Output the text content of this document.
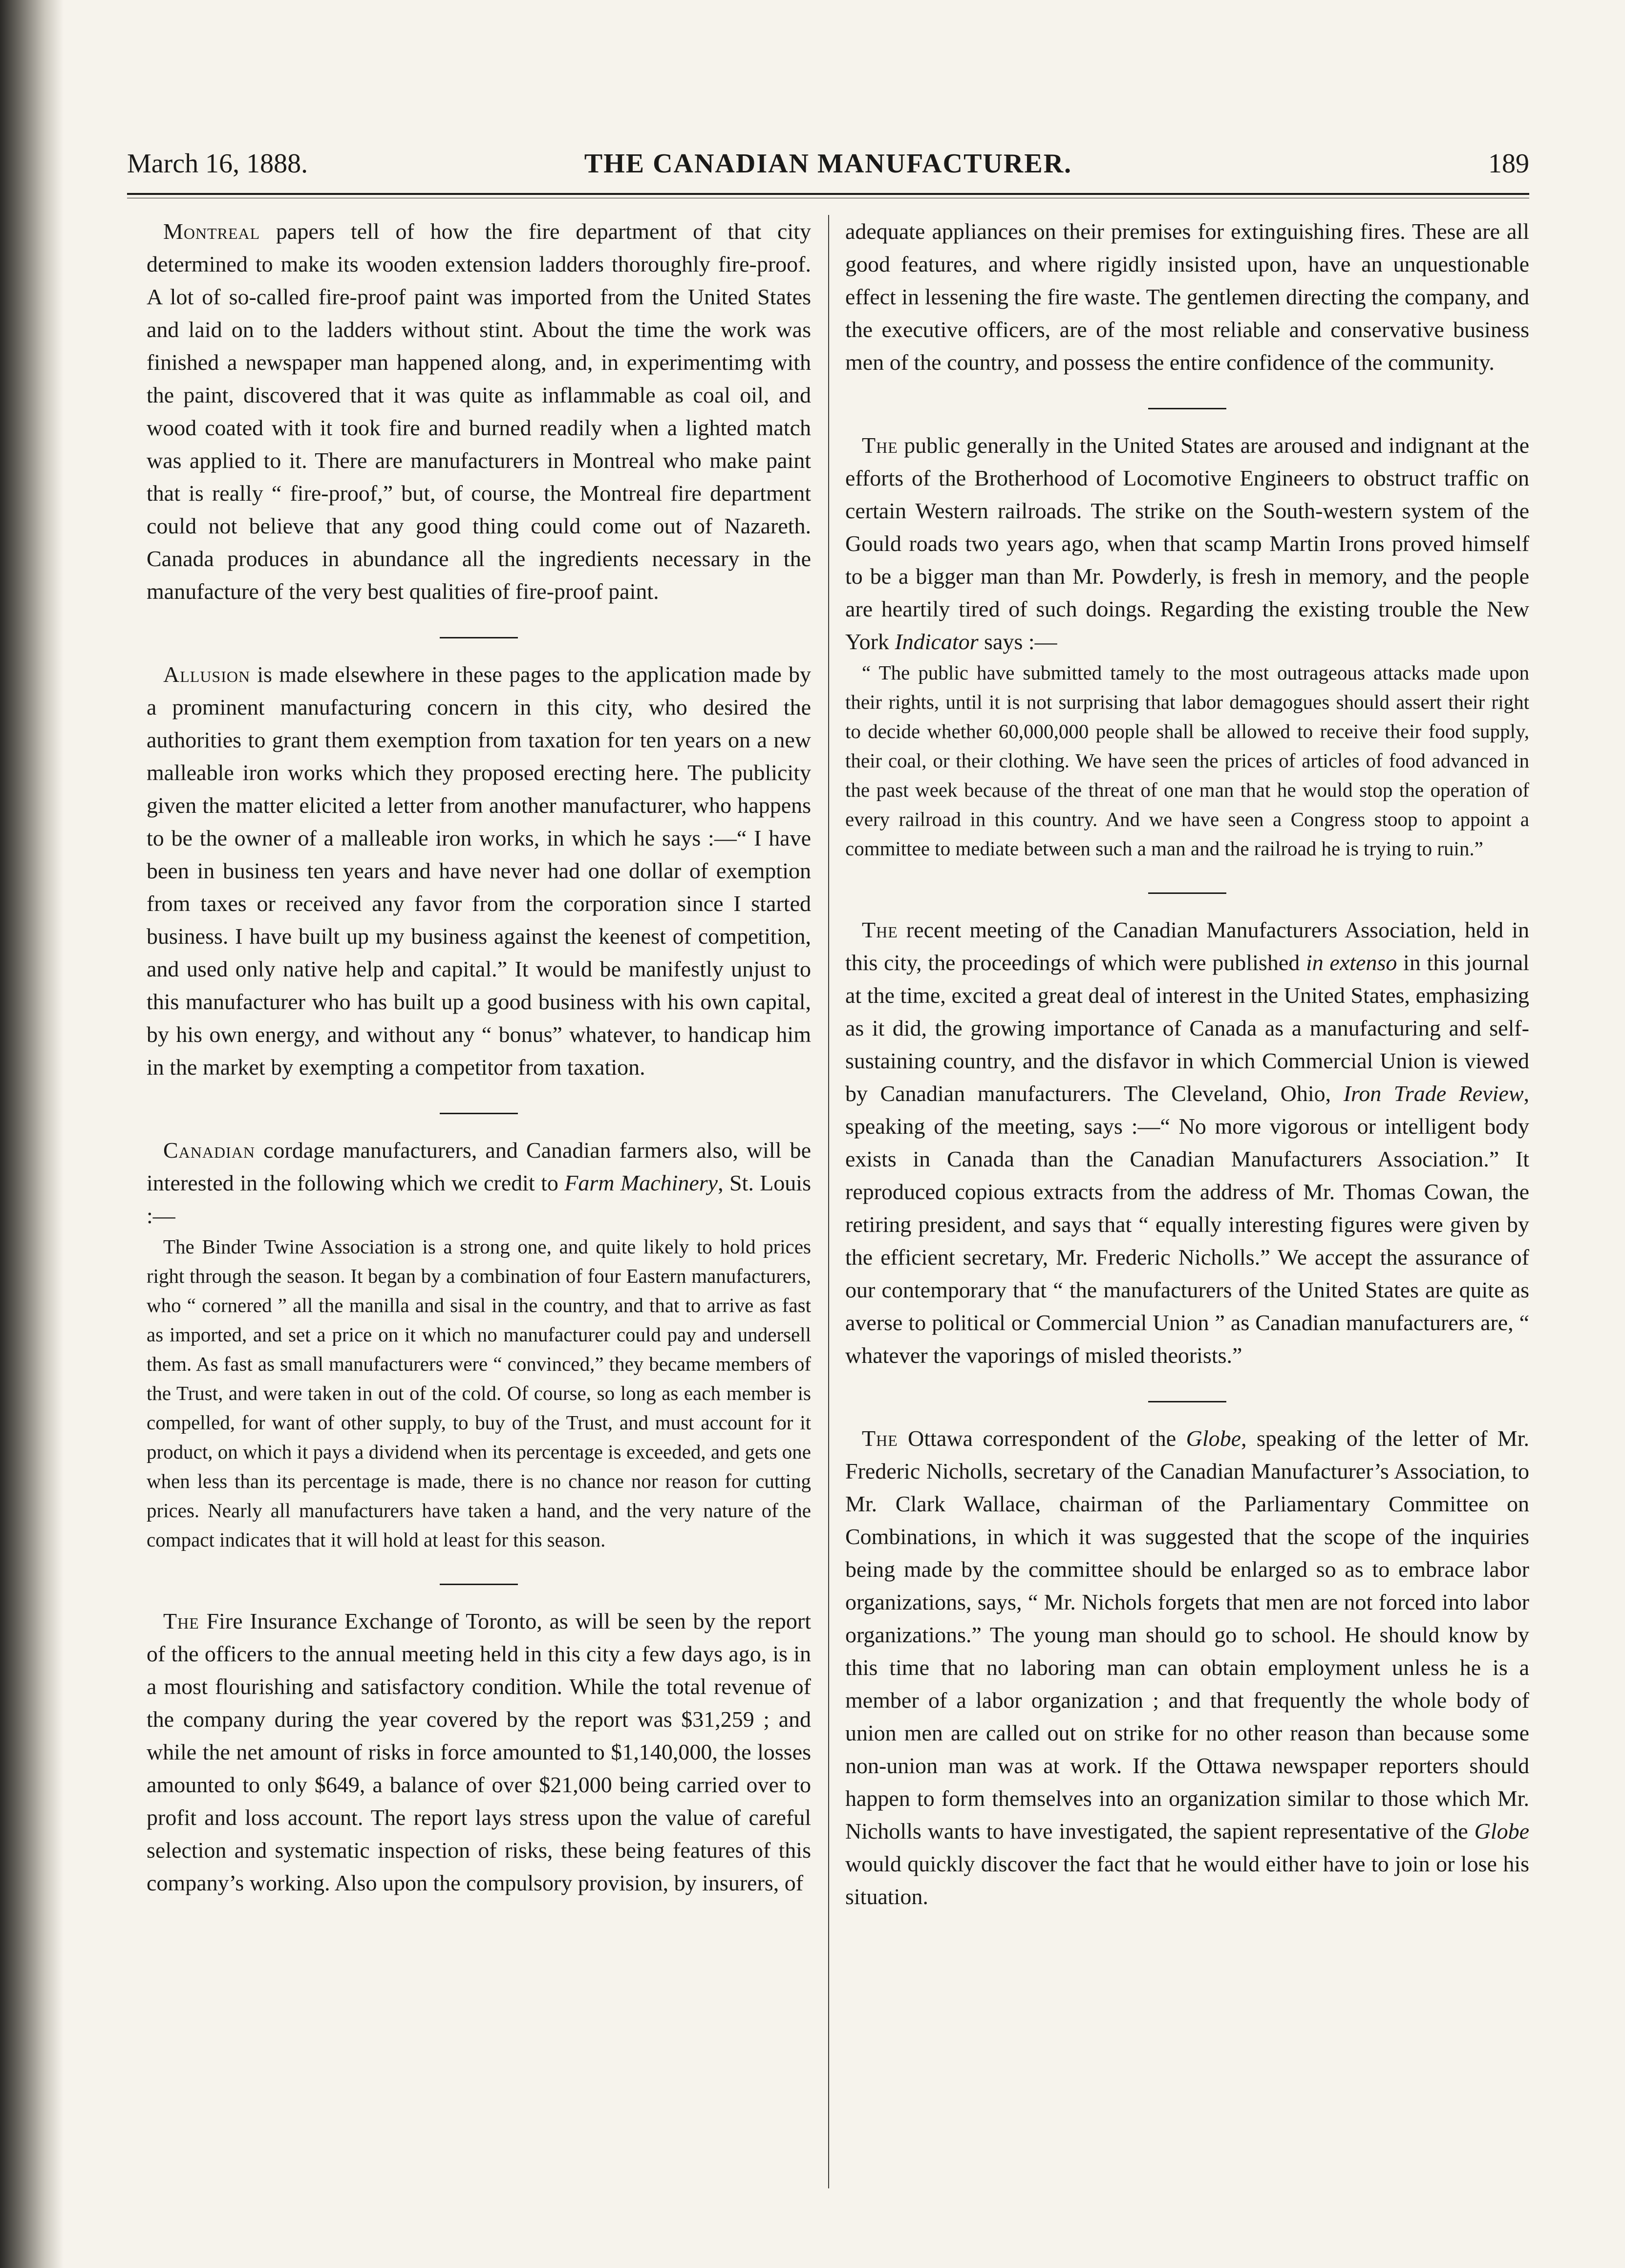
March 16, 1888.	THE CANADIAN MANUFACTURER.	189

Montreal papers tell of how the fire department of that city determined to make its wooden extension ladders thoroughly fire-proof. A lot of so-called fire-proof paint was imported from the United States and laid on to the ladders without stint. About the time the work was finished a newspaper man happened along, and, in experimentimg with the paint, discovered that it was quite as inflammable as coal oil, and wood coated with it took fire and burned readily when a lighted match was applied to it. There are manufacturers in Montreal who make paint that is really “ fire-proof,” but, of course, the Montreal fire department could not believe that any good thing could come out of Nazareth. Canada produces in abundance all the ingredients necessary in the manufacture of the very best qualities of fire-proof paint.

Allusion is made elsewhere in these pages to the application made by a prominent manufacturing concern in this city, who desired the authorities to grant them exemption from taxation for ten years on a new malleable iron works which they proposed erecting here. The publicity given the matter elicited a letter from another manufacturer, who happens to be the owner of a malleable iron works, in which he says :—“ I have been in business ten years and have never had one dollar of exemption from taxes or received any favor from the corporation since I started business. I have built up my business against the keenest of competition, and used only native help and capital.” It would be manifestly unjust to this manufacturer who has built up a good business with his own capital, by his own energy, and without any “ bonus” whatever, to handicap him in the market by exempting a competitor from taxation.

Canadian cordage manufacturers, and Canadian farmers also, will be interested in the following which we credit to Farm Machinery, St. Louis :—

The Binder Twine Association is a strong one, and quite likely to hold prices right through the season. It began by a combination of four Eastern manufacturers, who “ cornered ” all the manilla and sisal in the country, and that to arrive as fast as imported, and set a price on it which no manufacturer could pay and undersell them. As fast as small manufacturers were “ convinced,” they became members of the Trust, and were taken in out of the cold. Of course, so long as each member is compelled, for want of other supply, to buy of the Trust, and must account for it product, on which it pays a dividend when its percentage is exceeded, and gets one when less than its percentage is made, there is no chance nor reason for cutting prices. Nearly all manufacturers have taken a hand, and the very nature of the compact indicates that it will hold at least for this season.

The Fire Insurance Exchange of Toronto, as will be seen by the report of the officers to the annual meeting held in this city a few days ago, is in a most flourishing and satisfactory condition. While the total revenue of the company during the year covered by the report was $31,259 ; and while the net amount of risks in force amounted to $1,140,000, the losses amounted to only $649, a balance of over $21,000 being carried over to profit and loss account. The report lays stress upon the value of careful selection and systematic inspection of risks, these being features of this company’s working. Also upon the compulsory provision, by insurers, of

adequate appliances on their premises for extinguishing fires. These are all good features, and where rigidly insisted upon, have an unquestionable effect in lessening the fire waste. The gentlemen directing the company, and the executive officers, are of the most reliable and conservative business men of the country, and possess the entire confidence of the community.

The public generally in the United States are aroused and indignant at the efforts of the Brotherhood of Locomotive Engineers to obstruct traffic on certain Western railroads. The strike on the South-western system of the Gould roads two years ago, when that scamp Martin Irons proved himself to be a bigger man than Mr. Powderly, is fresh in memory, and the people are heartily tired of such doings. Regarding the existing trouble the New York Indicator says :—

“ The public have submitted tamely to the most outrageous attacks made upon their rights, until it is not surprising that labor demagogues should assert their right to decide whether 60,000,000 people shall be allowed to receive their food supply, their coal, or their clothing. We have seen the prices of articles of food advanced in the past week because of the threat of one man that he would stop the operation of every railroad in this country. And we have seen a Congress stoop to appoint a committee to mediate between such a man and the railroad he is trying to ruin.”

The recent meeting of the Canadian Manufacturers Association, held in this city, the proceedings of which were published in extenso in this journal at the time, excited a great deal of interest in the United States, emphasizing as it did, the growing importance of Canada as a manufacturing and self-sustaining country, and the disfavor in which Commercial Union is viewed by Canadian manufacturers. The Cleveland, Ohio, Iron Trade Review, speaking of the meeting, says :—“ No more vigorous or intelligent body exists in Canada than the Canadian Manufacturers Association.” It reproduced copious extracts from the address of Mr. Thomas Cowan, the retiring president, and says that “ equally interesting figures were given by the efficient secretary, Mr. Frederic Nicholls.” We accept the assurance of our contemporary that “ the manufacturers of the United States are quite as averse to political or Commercial Union ” as Canadian manufacturers are, “ whatever the vaporings of misled theorists.”

The Ottawa correspondent of the Globe, speaking of the letter of Mr. Frederic Nicholls, secretary of the Canadian Manufacturer’s Association, to Mr. Clark Wallace, chairman of the Parliamentary Committee on Combinations, in which it was suggested that the scope of the inquiries being made by the committee should be enlarged so as to embrace labor organizations, says, “ Mr. Nichols forgets that men are not forced into labor organizations.” The young man should go to school. He should know by this time that no laboring man can obtain employment unless he is a member of a labor organization ; and that frequently the whole body of union men are called out on strike for no other reason than because some non-union man was at work. If the Ottawa newspaper reporters should happen to form themselves into an organization similar to those which Mr. Nicholls wants to have investigated, the sapient representative of the Globe would quickly discover the fact that he would either have to join or lose his situation.
